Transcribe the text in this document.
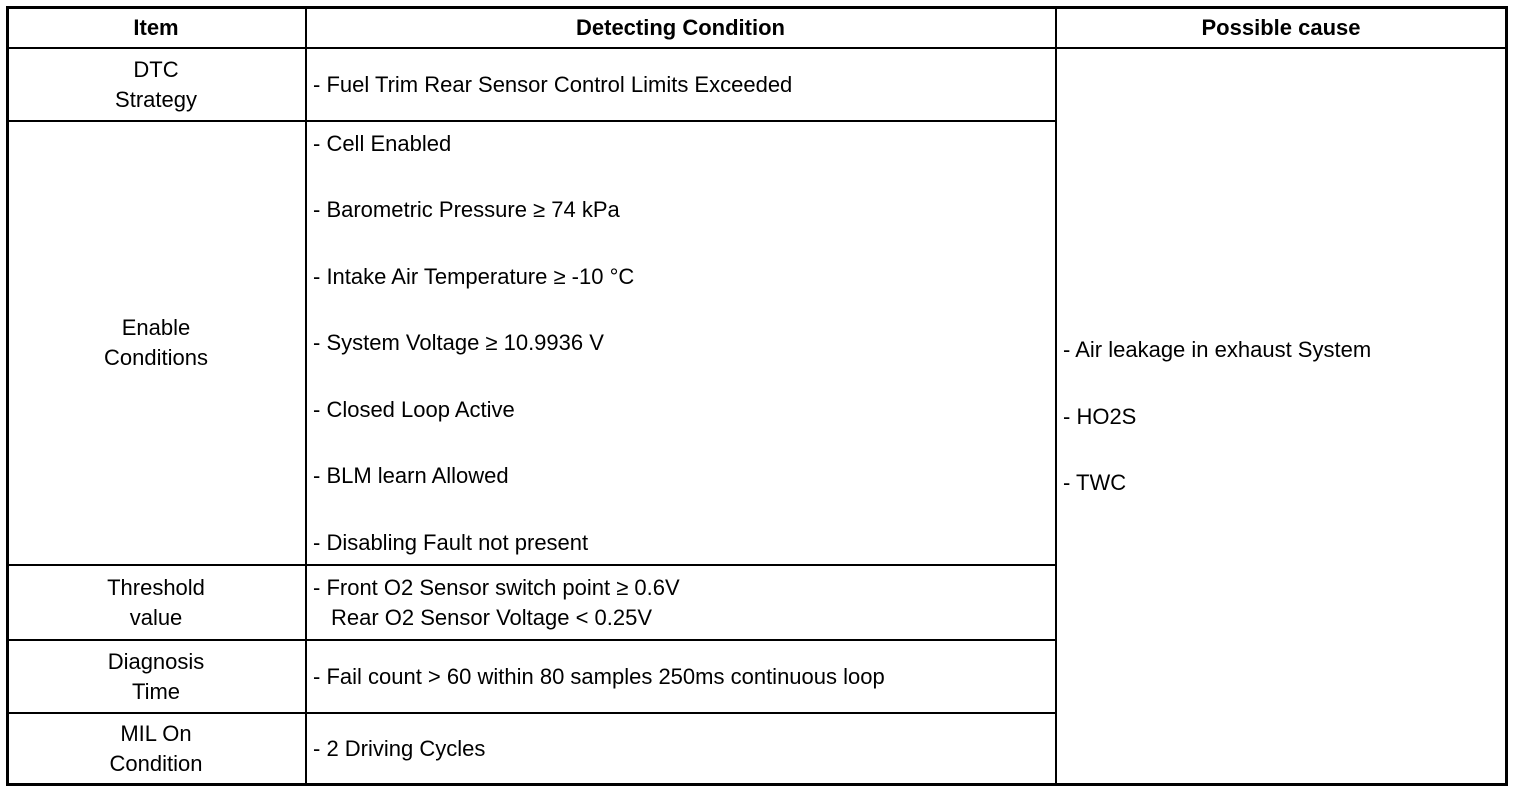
Item	Detecting Condition	Possible cause
DTC
Strategy
- Fuel Trim Rear Sensor Control Limits Exceeded
Enable
Conditions
- Cell Enabled
- Barometric Pressure ≥ 74 kPa
- Intake Air Temperature ≥ -10 °C
- System Voltage ≥ 10.9936 V
- Closed Loop Active
- BLM learn Allowed
- Disabling Fault not present
Threshold
value
- Front O2 Sensor switch point ≥ 0.6V
Rear O2 Sensor Voltage < 0.25V
Diagnosis
Time
- Fail count > 60 within 80 samples 250ms continuous loop
MIL On
Condition
- 2 Driving Cycles
- Air leakage in exhaust System
- HO2S
- TWC
